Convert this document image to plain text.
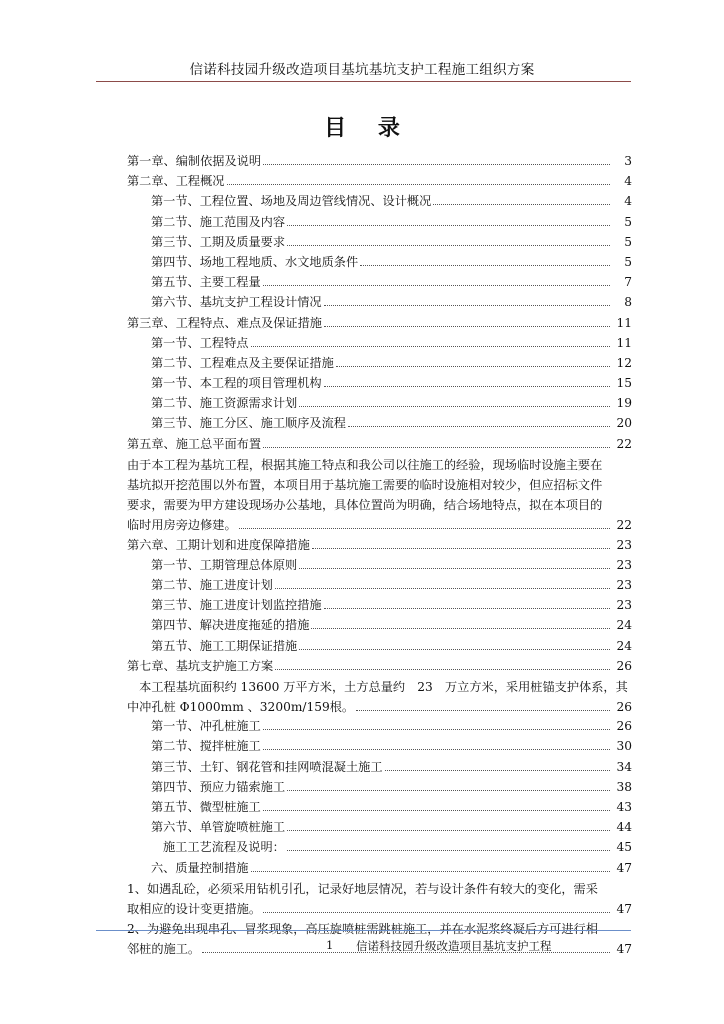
信诺科技园升级改造项目基坑基坑支护工程施工组织方案
目 录
第一章、编制依据及说明	3
第二章、工程概况	4
第一节、工程位置、场地及周边管线情况、设计概况	4
第二节、施工范围及内容	5
第三节、工期及质量要求	5
第四节、场地工程地质、水文地质条件	5
第五节、主要工程量	7
第六节、基坑支护工程设计情况	8
第三章、工程特点、难点及保证措施	11
第一节、工程特点	11
第二节、工程难点及主要保证措施	12
第一节、本工程的项目管理机构	15
第二节、施工资源需求计划	19
第三节、施工分区、施工顺序及流程	20
第五章、施工总平面布置	22
由于本工程为基坑工程，根据其施工特点和我公司以往施工的经验，现场临时设施主要在
基坑拟开挖范围以外布置，本项目用于基坑施工需要的临时设施相对较少，但应招标文件
要求，需要为甲方建设现场办公基地，具体位置尚为明确，结合场地特点，拟在本项目的
临时用房旁边修建。	22
第六章、工期计划和进度保障措施	23
第一节、工期管理总体原则	23
第二节、施工进度计划	23
第三节、施工进度计划监控措施	23
第四节、解决进度拖延的措施	24
第五节、施工工期保证措施	24
第七章、基坑支护施工方案	26
　本工程基坑面积约 13600 万平方米，土方总量约　23　万立方米，采用桩锚支护体系，其
中冲孔桩 Φ1000mm 、3200m/159根。	26
第一节、冲孔桩施工	26
第二节、搅拌桩施工	30
第三节、土钉、钢花管和挂网喷混凝土施工	34
第四节、预应力锚索施工	38
第五节、微型桩施工	43
第六节、单管旋喷桩施工	44
施工工艺流程及说明：	45
六、质量控制措施	47
1、如遇乱砼，必须采用钻机引孔，记录好地层情况，若与设计条件有较大的变化，需采
取相应的设计变更措施。	47
2、为避免出现串孔、冒浆现象，高压旋喷桩需跳桩施工，并在水泥浆终凝后方可进行相
邻桩的施工。	47
1 信诺科技园升级改造项目基坑支护工程
